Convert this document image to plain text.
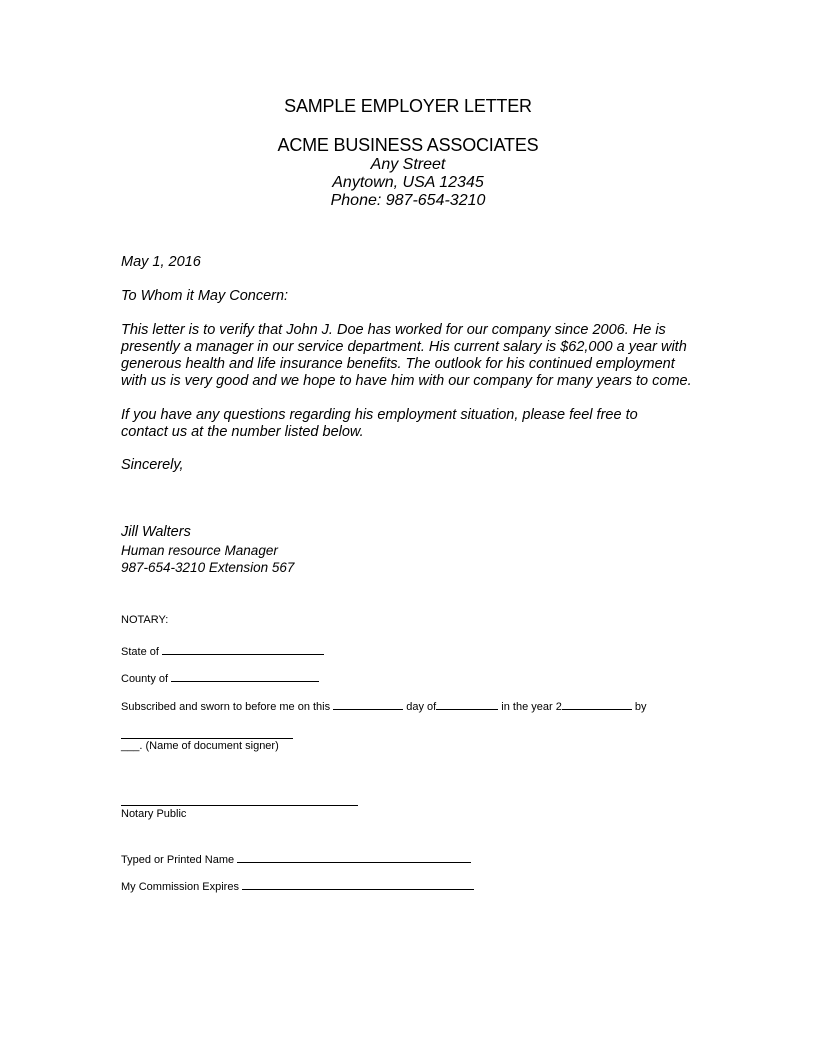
SAMPLE EMPLOYER LETTER
ACME BUSINESS ASSOCIATES
Any Street
Anytown, USA 12345
Phone: 987-654-3210
May 1, 2016
To Whom it May Concern:
This letter is to verify that John J. Doe has worked for our company since 2006. He is
presently a manager in our service department. His current salary is $62,000 a year with
generous health and life insurance benefits. The outlook for his continued employment
with us is very good and we hope to have him with our company for many years to come.
If you have any questions regarding his employment situation, please feel free to
contact us at the number listed below.
Sincerely,
Jill Walters
Human resource Manager
987-654-3210 Extension 567
NOTARY:
State of
County of
Subscribed and sworn to before me on this	day of	in the year 2	by
___. (Name of document signer)
Notary Public
Typed or Printed Name
My Commission Expires
